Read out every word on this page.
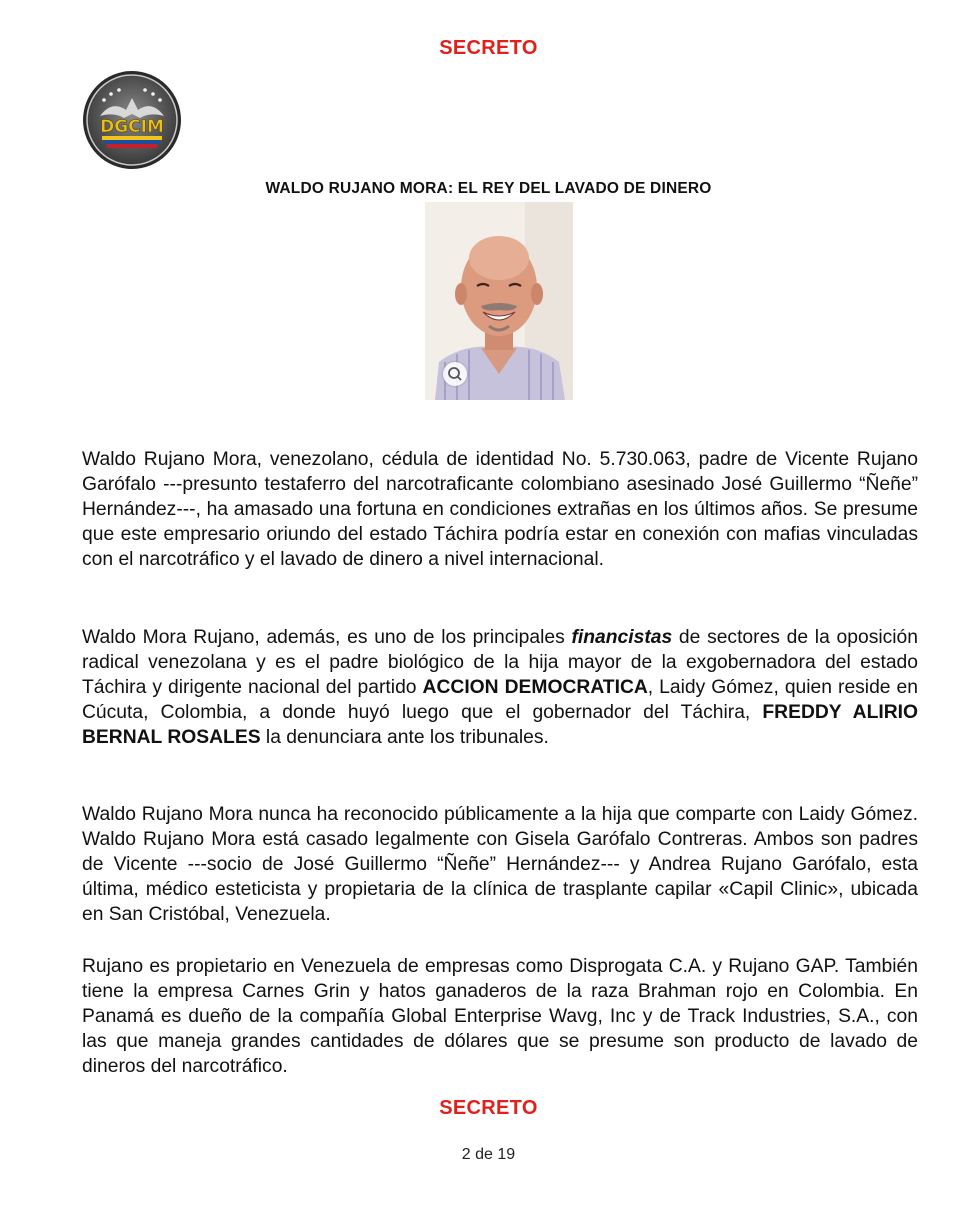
SECRETO
DGCIM
WALDO RUJANO MORA: EL REY DEL LAVADO DE DINERO

Waldo Rujano Mora, venezolano, cédula de identidad No. 5.730.063, padre de Vicente Rujano Garófalo ---presunto testaferro del narcotraficante colombiano asesinado José Guillermo “Ñeñe” Hernández---, ha amasado una fortuna en condiciones extrañas en los últimos años. Se presume que este empresario oriundo del estado Táchira podría estar en conexión con mafias vinculadas con el narcotráfico y el lavado de dinero a nivel internacional.

Waldo Mora Rujano, además, es uno de los principales financistas de sectores de la oposición radical venezolana y es el padre biológico de la hija mayor de la exgobernadora del estado Táchira y dirigente nacional del partido ACCION DEMOCRATICA, Laidy Gómez, quien reside en Cúcuta, Colombia, a donde huyó luego que el gobernador del Táchira, FREDDY ALIRIO BERNAL ROSALES la denunciara ante los tribunales.

Waldo Rujano Mora nunca ha reconocido públicamente a la hija que comparte con Laidy Gómez. Waldo Rujano Mora está casado legalmente con Gisela Garófalo Contreras. Ambos son padres de Vicente ---socio de José Guillermo “Ñeñe” Hernández--- y Andrea Rujano Garófalo, esta última, médico esteticista y propietaria de la clínica de trasplante capilar «Capil Clinic», ubicada en San Cristóbal, Venezuela.

Rujano es propietario en Venezuela de empresas como Disprogata C.A. y Rujano GAP. También tiene la empresa Carnes Grin y hatos ganaderos de la raza Brahman rojo en Colombia. En Panamá es dueño de la compañía Global Enterprise Wavg, Inc y de Track Industries, S.A., con las que maneja grandes cantidades de dólares que se presume son producto de lavado de dineros del narcotráfico.

SECRETO
2 de 19
